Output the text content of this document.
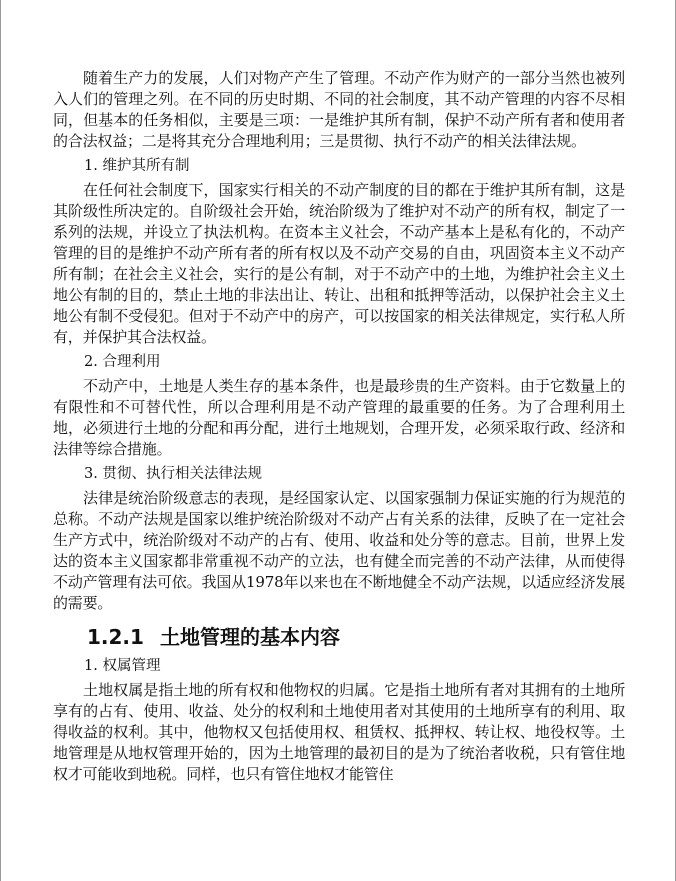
随着生产力的发展，人们对物产产生了管理。不动产作为财产的一部分当然也被列入人们的管理之列。在不同的历史时期、不同的社会制度，其不动产管理的内容不尽相同，但基本的任务相似，主要是三项：一是维护其所有制，保护不动产所有者和使用者的合法权益；二是将其充分合理地利用；三是贯彻、执行不动产的相关法律法规。

1. 维护其所有制

在任何社会制度下，国家实行相关的不动产制度的目的都在于维护其所有制，这是其阶级性所决定的。自阶级社会开始，统治阶级为了维护对不动产的所有权，制定了一系列的法规，并设立了执法机构。在资本主义社会，不动产基本上是私有化的，不动产管理的目的是维护不动产所有者的所有权以及不动产交易的自由，巩固资本主义不动产所有制；在社会主义社会，实行的是公有制，对于不动产中的土地，为维护社会主义土地公有制的目的，禁止土地的非法出让、转让、出租和抵押等活动，以保护社会主义土地公有制不受侵犯。但对于不动产中的房产，可以按国家的相关法律规定，实行私人所有，并保护其合法权益。

2. 合理利用

不动产中，土地是人类生存的基本条件，也是最珍贵的生产资料。由于它数量上的有限性和不可替代性，所以合理利用是不动产管理的最重要的任务。为了合理利用土地，必须进行土地的分配和再分配，进行土地规划，合理开发，必须采取行政、经济和法律等综合措施。

3. 贯彻、执行相关法律法规

法律是统治阶级意志的表现，是经国家认定、以国家强制力保证实施的行为规范的总称。不动产法规是国家以维护统治阶级对不动产占有关系的法律，反映了在一定社会生产方式中，统治阶级对不动产的占有、使用、收益和处分等的意志。目前，世界上发达的资本主义国家都非常重视不动产的立法，也有健全而完善的不动产法律，从而使得不动产管理有法可依。我国从1978年以来也在不断地健全不动产法规，以适应经济发展的需要。

1.2.1 土地管理的基本内容

1. 权属管理

土地权属是指土地的所有权和他物权的归属。它是指土地所有者对其拥有的土地所享有的占有、使用、收益、处分的权利和土地使用者对其使用的土地所享有的利用、取得收益的权利。其中，他物权又包括使用权、租赁权、抵押权、转让权、地役权等。土地管理是从地权管理开始的，因为土地管理的最初目的是为了统治者收税，只有管住地权才可能收到地税。同样，也只有管住地权才能管住
